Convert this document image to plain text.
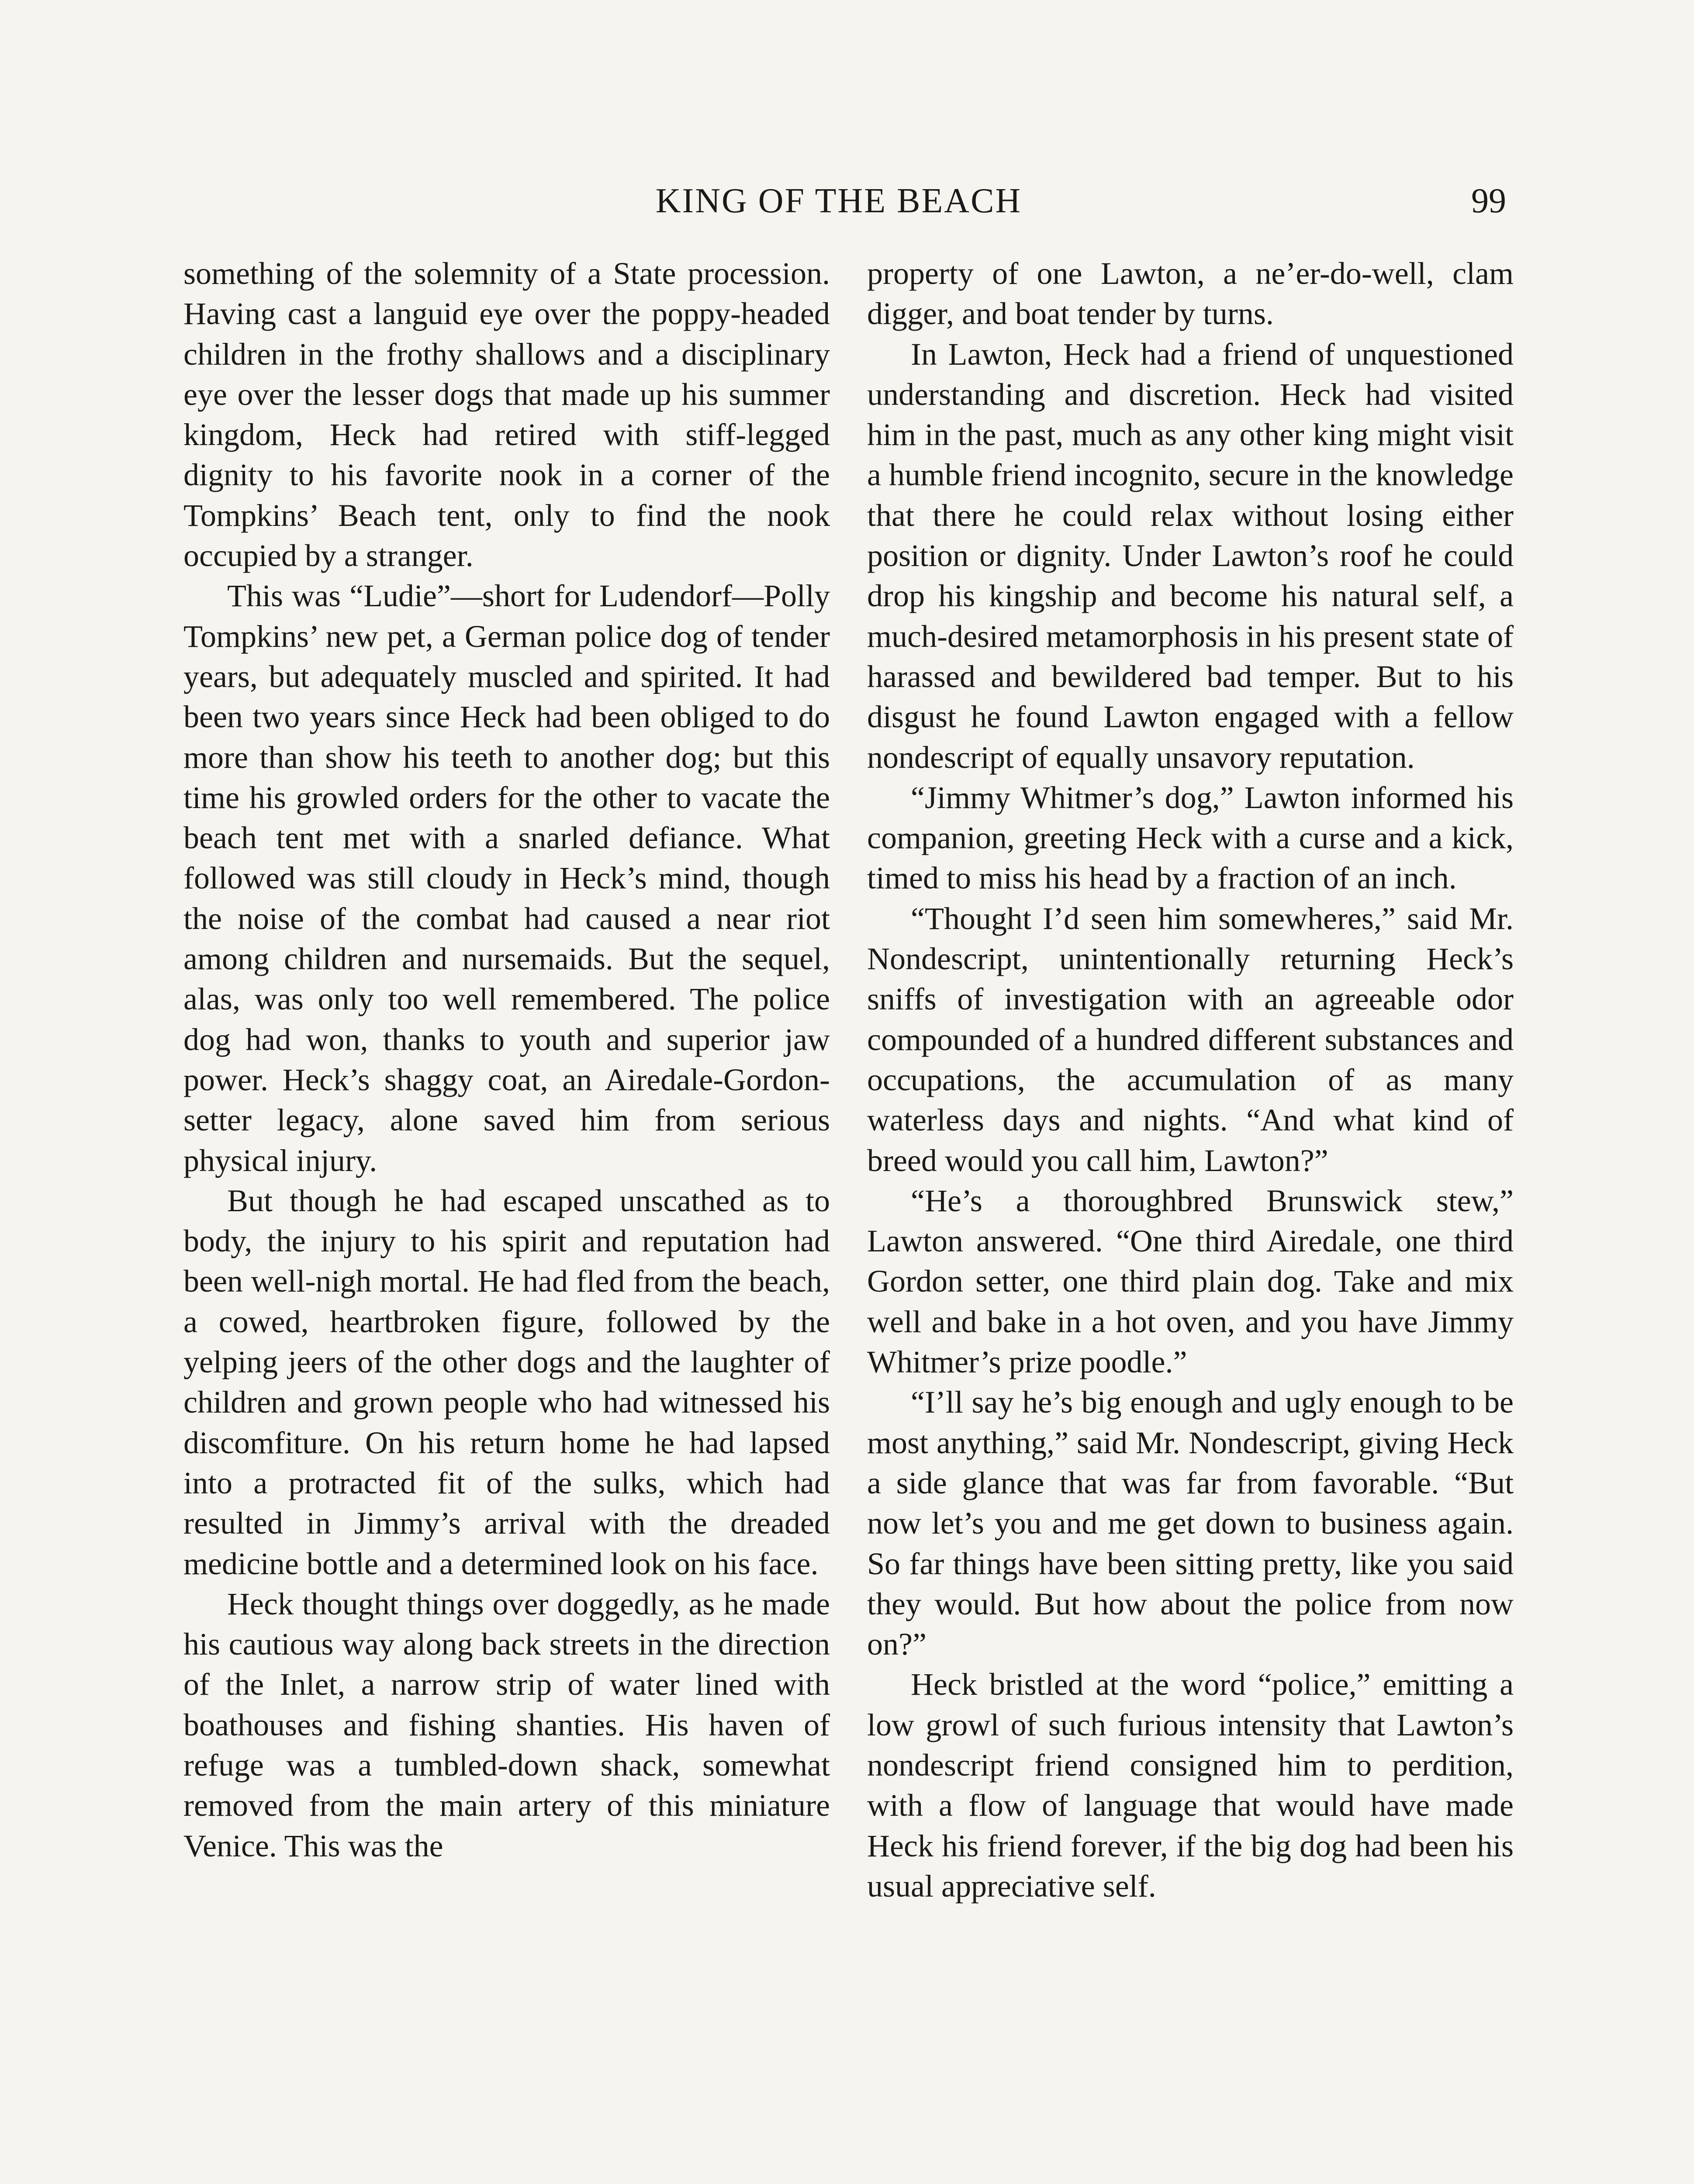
KING OF THE BEACH	99

something of the solemnity of a State procession. Having cast a languid eye over the poppy-headed children in the frothy shallows and a disciplinary eye over the lesser dogs that made up his summer kingdom, Heck had retired with stiff-legged dignity to his favorite nook in a corner of the Tompkins’ Beach tent, only to find the nook occupied by a stranger.

This was “Ludie”—short for Ludendorf—Polly Tompkins’ new pet, a German police dog of tender years, but adequately muscled and spirited. It had been two years since Heck had been obliged to do more than show his teeth to another dog; but this time his growled orders for the other to vacate the beach tent met with a snarled defiance. What followed was still cloudy in Heck’s mind, though the noise of the combat had caused a near riot among children and nursemaids. But the sequel, alas, was only too well remembered. The police dog had won, thanks to youth and superior jaw power. Heck’s shaggy coat, an Airedale-Gordon-setter legacy, alone saved him from serious physical injury.

But though he had escaped unscathed as to body, the injury to his spirit and reputation had been well-nigh mortal. He had fled from the beach, a cowed, heartbroken figure, followed by the yelping jeers of the other dogs and the laughter of children and grown people who had witnessed his discomfiture. On his return home he had lapsed into a protracted fit of the sulks, which had resulted in Jimmy’s arrival with the dreaded medicine bottle and a determined look on his face.

Heck thought things over doggedly, as he made his cautious way along back streets in the direction of the Inlet, a narrow strip of water lined with boathouses and fishing shanties. His haven of refuge was a tumbled-down shack, somewhat removed from the main artery of this miniature Venice. This was the

property of one Lawton, a ne’er-do-well, clam digger, and boat tender by turns.

In Lawton, Heck had a friend of unquestioned understanding and discretion. Heck had visited him in the past, much as any other king might visit a humble friend incognito, secure in the knowledge that there he could relax without losing either position or dignity. Under Lawton’s roof he could drop his kingship and become his natural self, a much-desired metamorphosis in his present state of harassed and bewildered bad temper. But to his disgust he found Lawton engaged with a fellow nondescript of equally unsavory reputation.

“Jimmy Whitmer’s dog,” Lawton informed his companion, greeting Heck with a curse and a kick, timed to miss his head by a fraction of an inch.

“Thought I’d seen him somewheres,” said Mr. Nondescript, unintentionally returning Heck’s sniffs of investigation with an agreeable odor compounded of a hundred different substances and occupations, the accumulation of as many waterless days and nights. “And what kind of breed would you call him, Lawton?”

“He’s a thoroughbred Brunswick stew,” Lawton answered. “One third Airedale, one third Gordon setter, one third plain dog. Take and mix well and bake in a hot oven, and you have Jimmy Whitmer’s prize poodle.”

“I’ll say he’s big enough and ugly enough to be most anything,” said Mr. Nondescript, giving Heck a side glance that was far from favorable. “But now let’s you and me get down to business again. So far things have been sitting pretty, like you said they would. But how about the police from now on?”

Heck bristled at the word “police,” emitting a low growl of such furious intensity that Lawton’s nondescript friend consigned him to perdition, with a flow of language that would have made Heck his friend forever, if the big dog had been his usual appreciative self.
